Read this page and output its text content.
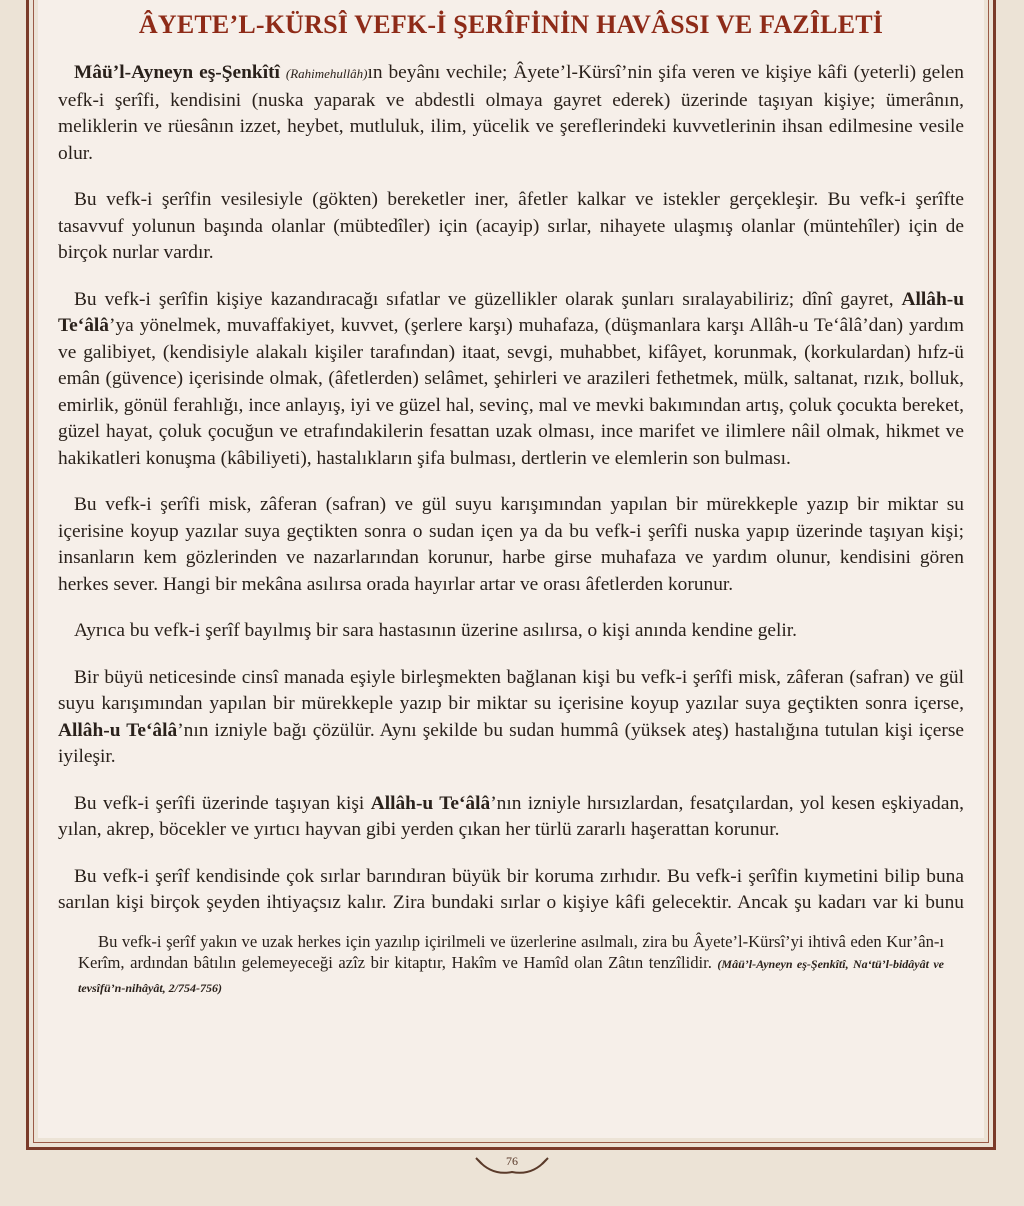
ÂYETE’L-KÜRSÎ VEFK-İ ŞERÎFİNİN HAVÂSSI VE FAZÎLETİ

Mâü’l-Ayneyn eş-Şenkîtî (Rahimehullâh)ın beyânı vechile; Âyete’l-Kürsî’nin şifa veren ve kişiye kâfi (yeterli) gelen vefk-i şerîfi, kendisini (nuska yaparak ve abdestli olmaya gayret ederek) üzerinde taşıyan kişiye; ümerânın, meliklerin ve rüesânın izzet, heybet, mutluluk, ilim, yücelik ve şereflerindeki kuvvetlerinin ihsan edilmesine vesile olur.

Bu vefk-i şerîfin vesilesiyle (gökten) bereketler iner, âfetler kalkar ve istekler gerçekleşir. Bu vefk-i şerîfte tasavvuf yolunun başında olanlar (mübtedîler) için (acayip) sırlar, nihayete ulaşmış olanlar (müntehîler) için de birçok nurlar vardır.

Bu vefk-i şerîfin kişiye kazandıracağı sıfatlar ve güzellikler olarak şunları sıralayabiliriz; dînî gayret, Allâh-u Te‘âlâ’ya yönelmek, muvaffakiyet, kuvvet, (şerlere karşı) muhafaza, (düşmanlara karşı Allâh-u Te‘âlâ’dan) yardım ve galibiyet, (kendisiyle alakalı kişiler tarafından) itaat, sevgi, muhabbet, kifâyet, korunmak, (korkulardan) hıfz-ü emân (güvence) içerisinde olmak, (âfetlerden) selâmet, şehirleri ve arazileri fethetmek, mülk, saltanat, rızık, bolluk, emirlik, gönül ferahlığı, ince anlayış, iyi ve güzel hal, sevinç, mal ve mevki bakımından artış, çoluk çocukta bereket, güzel hayat, çoluk çocuğun ve etrafındakilerin fesattan uzak olması, ince marifet ve ilimlere nâil olmak, hikmet ve hakikatleri konuşma (kâbiliyeti), hastalıkların şifa bulması, dertlerin ve elemlerin son bulması.

Bu vefk-i şerîfi misk, zâferan (safran) ve gül suyu karışımından yapılan bir mürekkeple yazıp bir miktar su içerisine koyup yazılar suya geçtikten sonra o sudan içen ya da bu vefk-i şerîfi nuska yapıp üzerinde taşıyan kişi; insanların kem gözlerinden ve nazarlarından korunur, harbe girse muhafaza ve yardım olunur, kendisini gören herkes sever. Hangi bir mekâna asılırsa orada hayırlar artar ve orası âfetlerden korunur.

Ayrıca bu vefk-i şerîf bayılmış bir sara hastasının üzerine asılırsa, o kişi anında kendine gelir.

Bir büyü neticesinde cinsî manada eşiyle birleşmekten bağlanan kişi bu vefk-i şerîfi misk, zâferan (safran) ve gül suyu karışımından yapılan bir mürekkeple yazıp bir miktar su içerisine koyup yazılar suya geçtikten sonra içerse, Allâh-u Te‘âlâ’nın izniyle bağı çözülür. Aynı şekilde bu sudan hummâ (yüksek ateş) hastalığına tutulan kişi içerse iyileşir.

Bu vefk-i şerîfi üzerinde taşıyan kişi Allâh-u Te‘âlâ’nın izniyle hırsızlardan, fesatçılardan, yol kesen eşkiyadan, yılan, akrep, böcekler ve yırtıcı hayvan gibi yerden çıkan her türlü zararlı haşerattan korunur.

Bu vefk-i şerîf kendisinde çok sırlar barındıran büyük bir koruma zırhıdır. Bu vefk-i şerîfin kıymetini bilip buna sarılan kişi birçok şeyden ihtiyaçsız kalır. Zira bundaki sırlar o kişiye kâfi gelecektir. Ancak şu kadarı var ki bunu

Bu vefk-i şerîf yakın ve uzak herkes için yazılıp içirilmeli ve üzerlerine asılmalı, zira bu Âyete’l-Kürsî’yi ihtivâ eden Kur’ân-ı Kerîm, ardından bâtılın gelemeyeceği azîz bir kitaptır, Hakîm ve Hamîd olan Zâtın tenzîlidir. (Mâü’l-Ayneyn eş-Şenkîtî, Na‘tü’l-bidâyât ve tevsîfü’n-nihâyât, 2/754-756)

76
